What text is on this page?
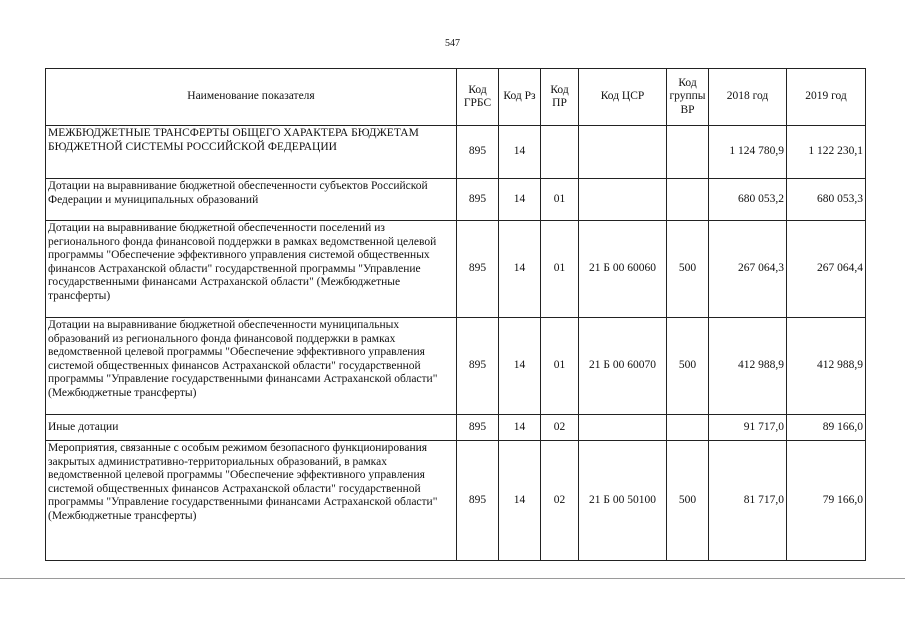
547
Наименование показателя	Код ГРБС	Код Рз	Код ПР	Код ЦСР	Код группы ВР	2018 год	2019 год
МЕЖБЮДЖЕТНЫЕ ТРАНСФЕРТЫ ОБЩЕГО ХАРАКТЕРА БЮДЖЕТАМ БЮДЖЕТНОЙ СИСТЕМЫ РОССИЙСКОЙ ФЕДЕРАЦИИ	895	14				1 124 780,9	1 122 230,1
Дотации на выравнивание бюджетной обеспеченности субъектов Российской Федерации и муниципальных образований	895	14	01			680 053,2	680 053,3
Дотации на выравнивание бюджетной обеспеченности поселений из регионального фонда финансовой поддержки в рамках ведомственной целевой программы "Обеспечение эффективного управления системой общественных финансов Астраханской области" государственной программы "Управление государственными финансами Астраханской области" (Межбюджетные трансферты)	895	14	01	21 Б 00 60060	500	267 064,3	267 064,4
Дотации на выравнивание бюджетной обеспеченности муниципальных образований из регионального фонда финансовой поддержки в рамках ведомственной целевой программы "Обеспечение эффективного управления системой общественных финансов Астраханской области" государственной программы "Управление государственными финансами Астраханской области" (Межбюджетные трансферты)	895	14	01	21 Б 00 60070	500	412 988,9	412 988,9
Иные дотации	895	14	02			91 717,0	89 166,0
Мероприятия, связанные с особым режимом безопасного функционирования закрытых административно-территориальных образований, в рамках ведомственной целевой программы "Обеспечение эффективного управления системой общественных финансов Астраханской области" государственной программы "Управление государственными финансами Астраханской области" (Межбюджетные трансферты)	895	14	02	21 Б 00 50100	500	81 717,0	79 166,0
